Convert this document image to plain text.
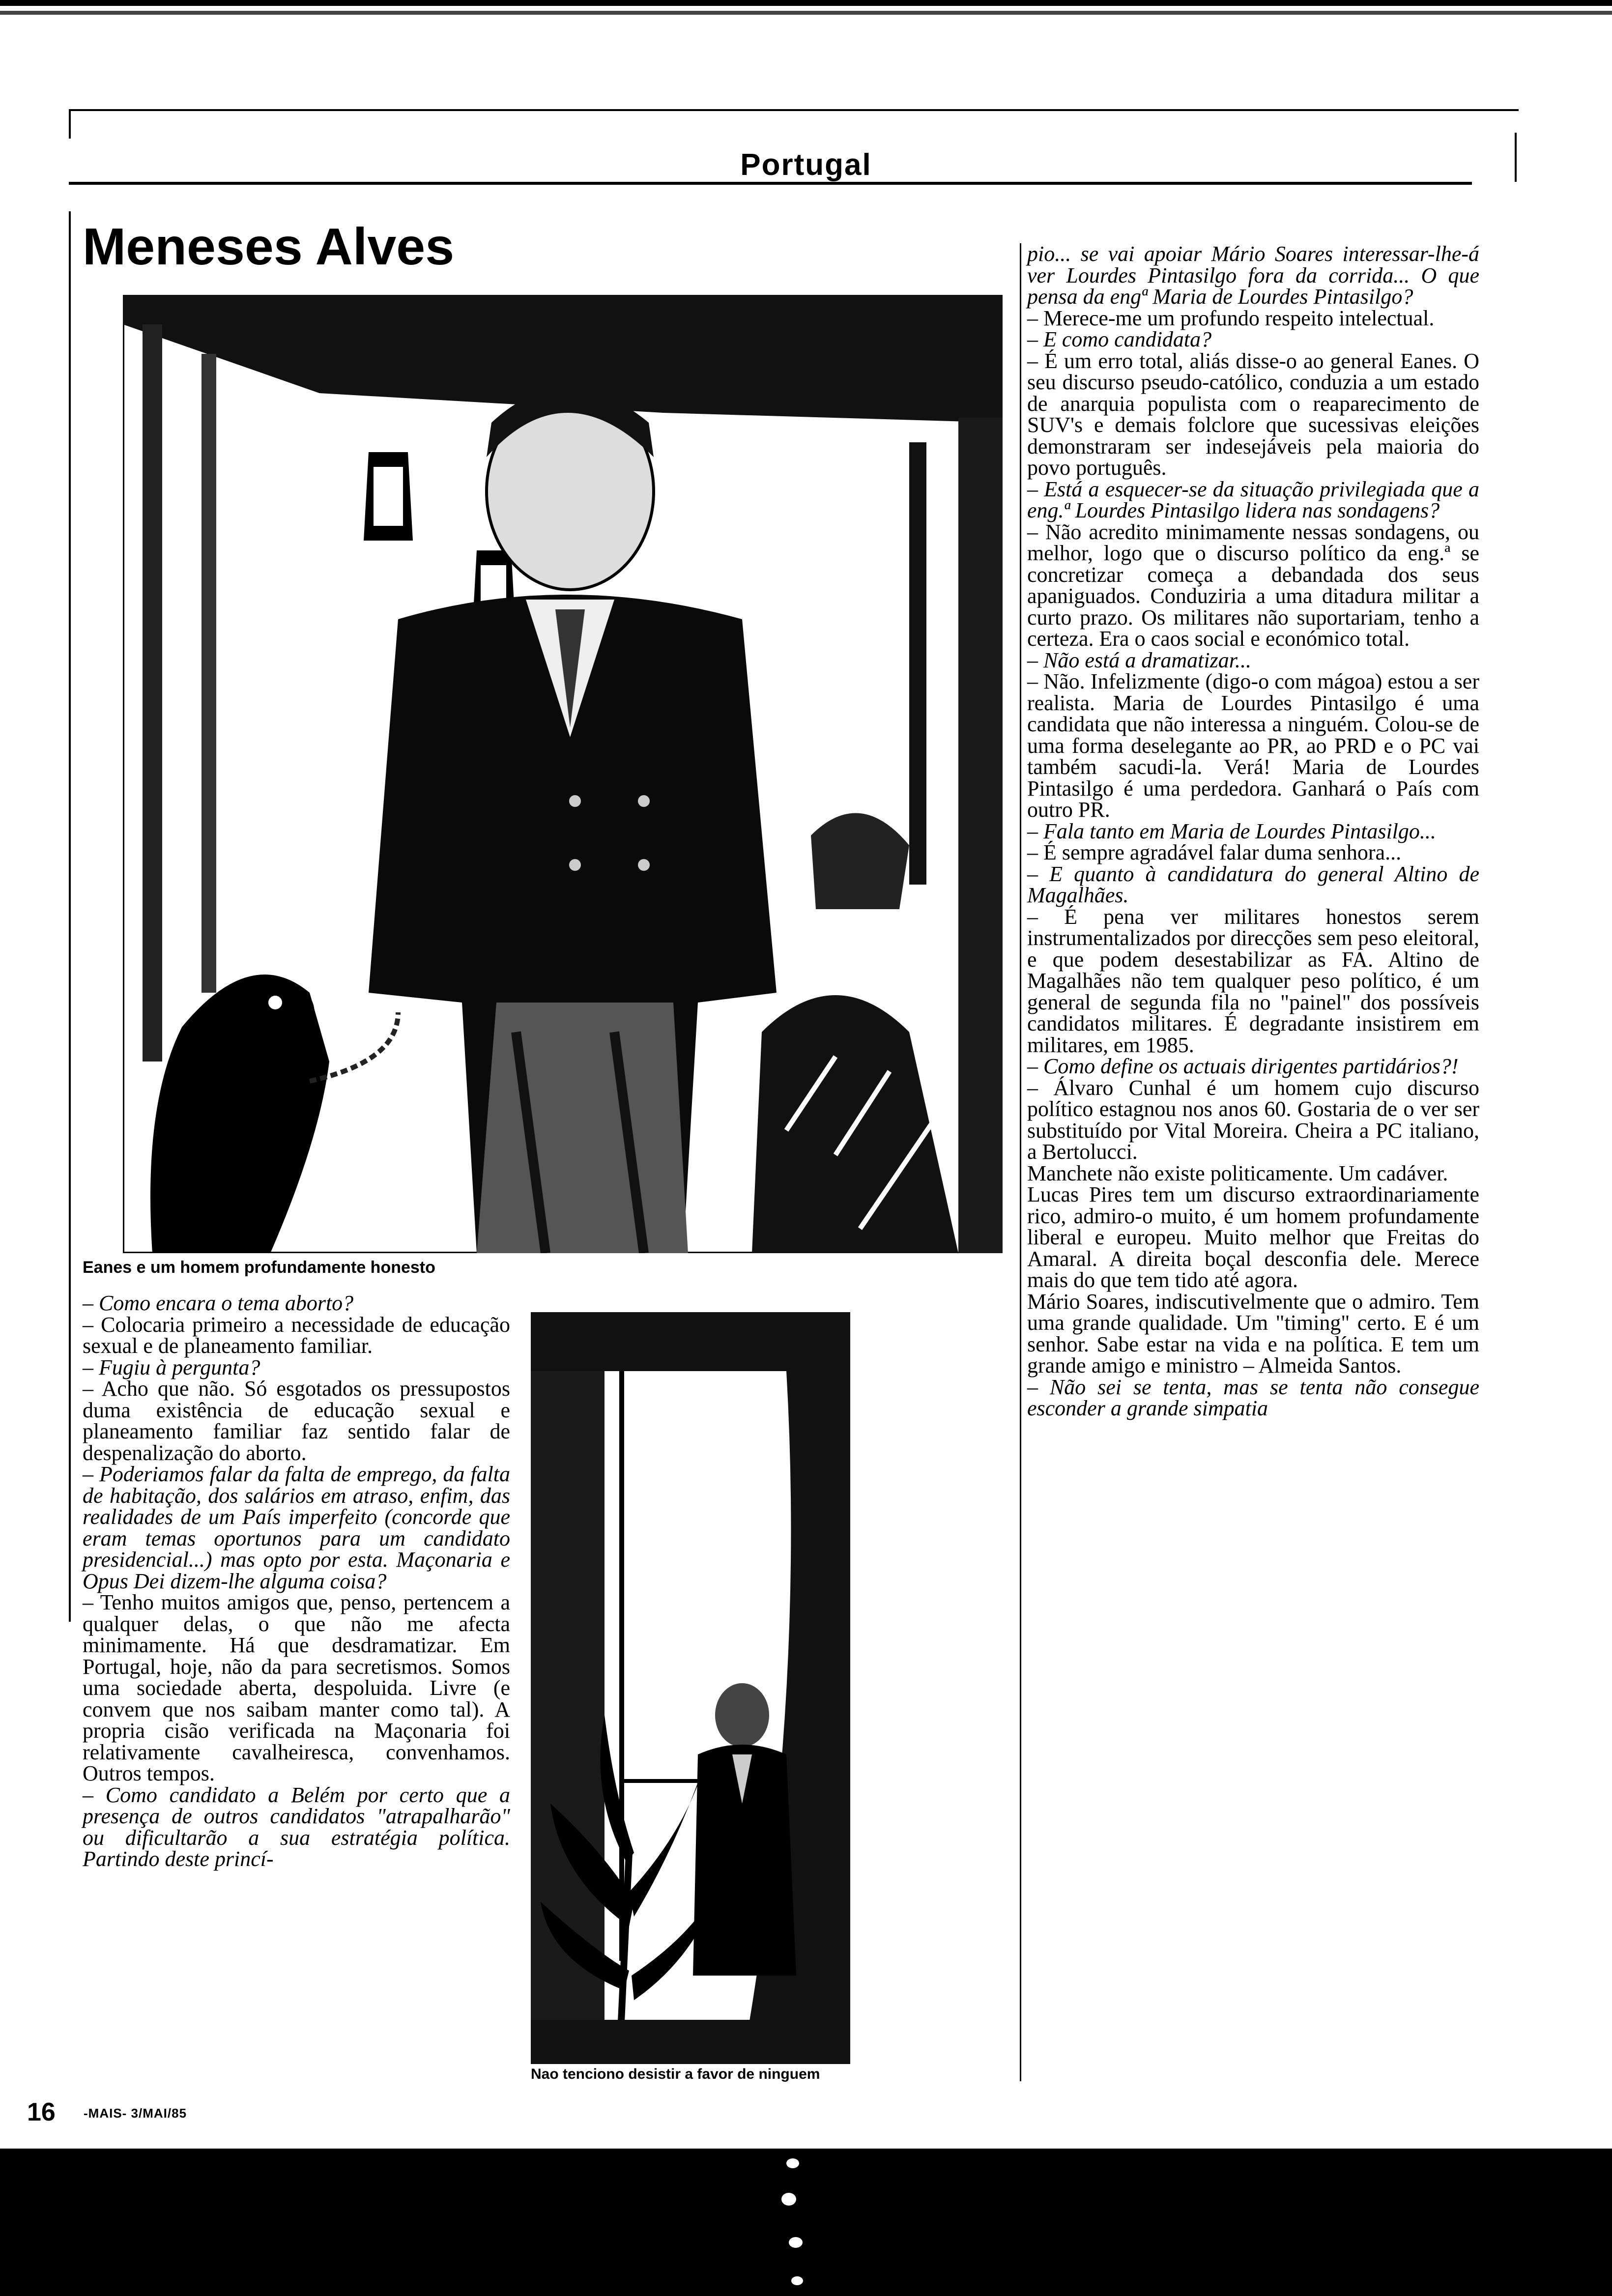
Portugal
Meneses Alves
Eanes e um homem profundamente honesto

– Como encara o tema aborto?

– Colocaria primeiro a necessidade de educação sexual e de planeamento familiar.

– Fugiu à pergunta?

– Acho que não. Só esgotados os pressupostos duma existência de educação sexual e planeamento familiar faz sentido falar de despenalização do aborto.

– Poderiamos falar da falta de emprego, da falta de habitação, dos salários em atraso, enfim, das realidades de um País imperfeito (concorde que eram temas oportunos para um candidato presidencial...) mas opto por esta. Maçonaria e Opus Dei dizem-lhe alguma coisa?

– Tenho muitos amigos que, penso, pertencem a qualquer delas, o que não me afecta minimamente. Há que desdramatizar. Em Portugal, hoje, não da para secretismos. Somos uma sociedade aberta, despoluida. Livre (e convem que nos saibam manter como tal). A propria cisão verificada na Maçonaria foi relativamente cavalheiresca, convenhamos. Outros tempos.

– Como candidato a Belém por certo que a presença de outros candidatos "atrapalharão" ou dificultarão a sua estratégia política. Partindo deste princí-

Nao tenciono desistir a favor de ninguem

pio... se vai apoiar Mário Soares interessar-lhe-á ver Lourdes Pintasilgo fora da corrida... O que pensa da engª Maria de Lourdes Pintasilgo?

– Merece-me um profundo respeito intelectual.

– E como candidata?

– É um erro total, aliás disse-o ao general Eanes. O seu discurso pseudo-católico, conduzia a um estado de anarquia populista com o reaparecimento de SUV's e demais folclore que sucessivas eleições demonstraram ser indesejáveis pela maioria do povo português.

– Está a esquecer-se da situação privilegiada que a eng.ª Lourdes Pintasilgo lidera nas sondagens?

– Não acredito minimamente nessas sondagens, ou melhor, logo que o discurso político da eng.ª se concretizar começa a debandada dos seus apaniguados. Conduziria a uma ditadura militar a curto prazo. Os militares não suportariam, tenho a certeza. Era o caos social e económico total.

– Não está a dramatizar...

– Não. Infelizmente (digo-o com mágoa) estou a ser realista. Maria de Lourdes Pintasilgo é uma candidata que não interessa a ninguém. Colou-se de uma forma deselegante ao PR, ao PRD e o PC vai também sacudi-la. Verá! Maria de Lourdes Pintasilgo é uma perdedora. Ganhará o País com outro PR.

– Fala tanto em Maria de Lourdes Pintasilgo...

– É sempre agradável falar duma senhora...

– E quanto à candidatura do general Altino de Magalhães.

– É pena ver militares honestos serem instrumentalizados por direcções sem peso eleitoral, e que podem desestabilizar as FA. Altino de Magalhães não tem qualquer peso político, é um general de segunda fila no "painel" dos possíveis candidatos militares. É degradante insistirem em militares, em 1985.

– Como define os actuais dirigentes partidários?!

– Álvaro Cunhal é um homem cujo discurso político estagnou nos anos 60. Gostaria de o ver ser substituído por Vital Moreira. Cheira a PC italiano, a Bertolucci.

Manchete não existe politicamente. Um cadáver.

Lucas Pires tem um discurso extraordinariamente rico, admiro-o muito, é um homem profundamente liberal e europeu. Muito melhor que Freitas do Amaral. A direita boçal desconfia dele. Merece mais do que tem tido até agora.

Mário Soares, indiscutivelmente que o admiro. Tem uma grande qualidade. Um "timing" certo. E é um senhor. Sabe estar na vida e na política. E tem um grande amigo e ministro – Almeida Santos.

– Não sei se tenta, mas se tenta não consegue esconder a grande simpatia

16 -MAIS- 3/MAI/85
